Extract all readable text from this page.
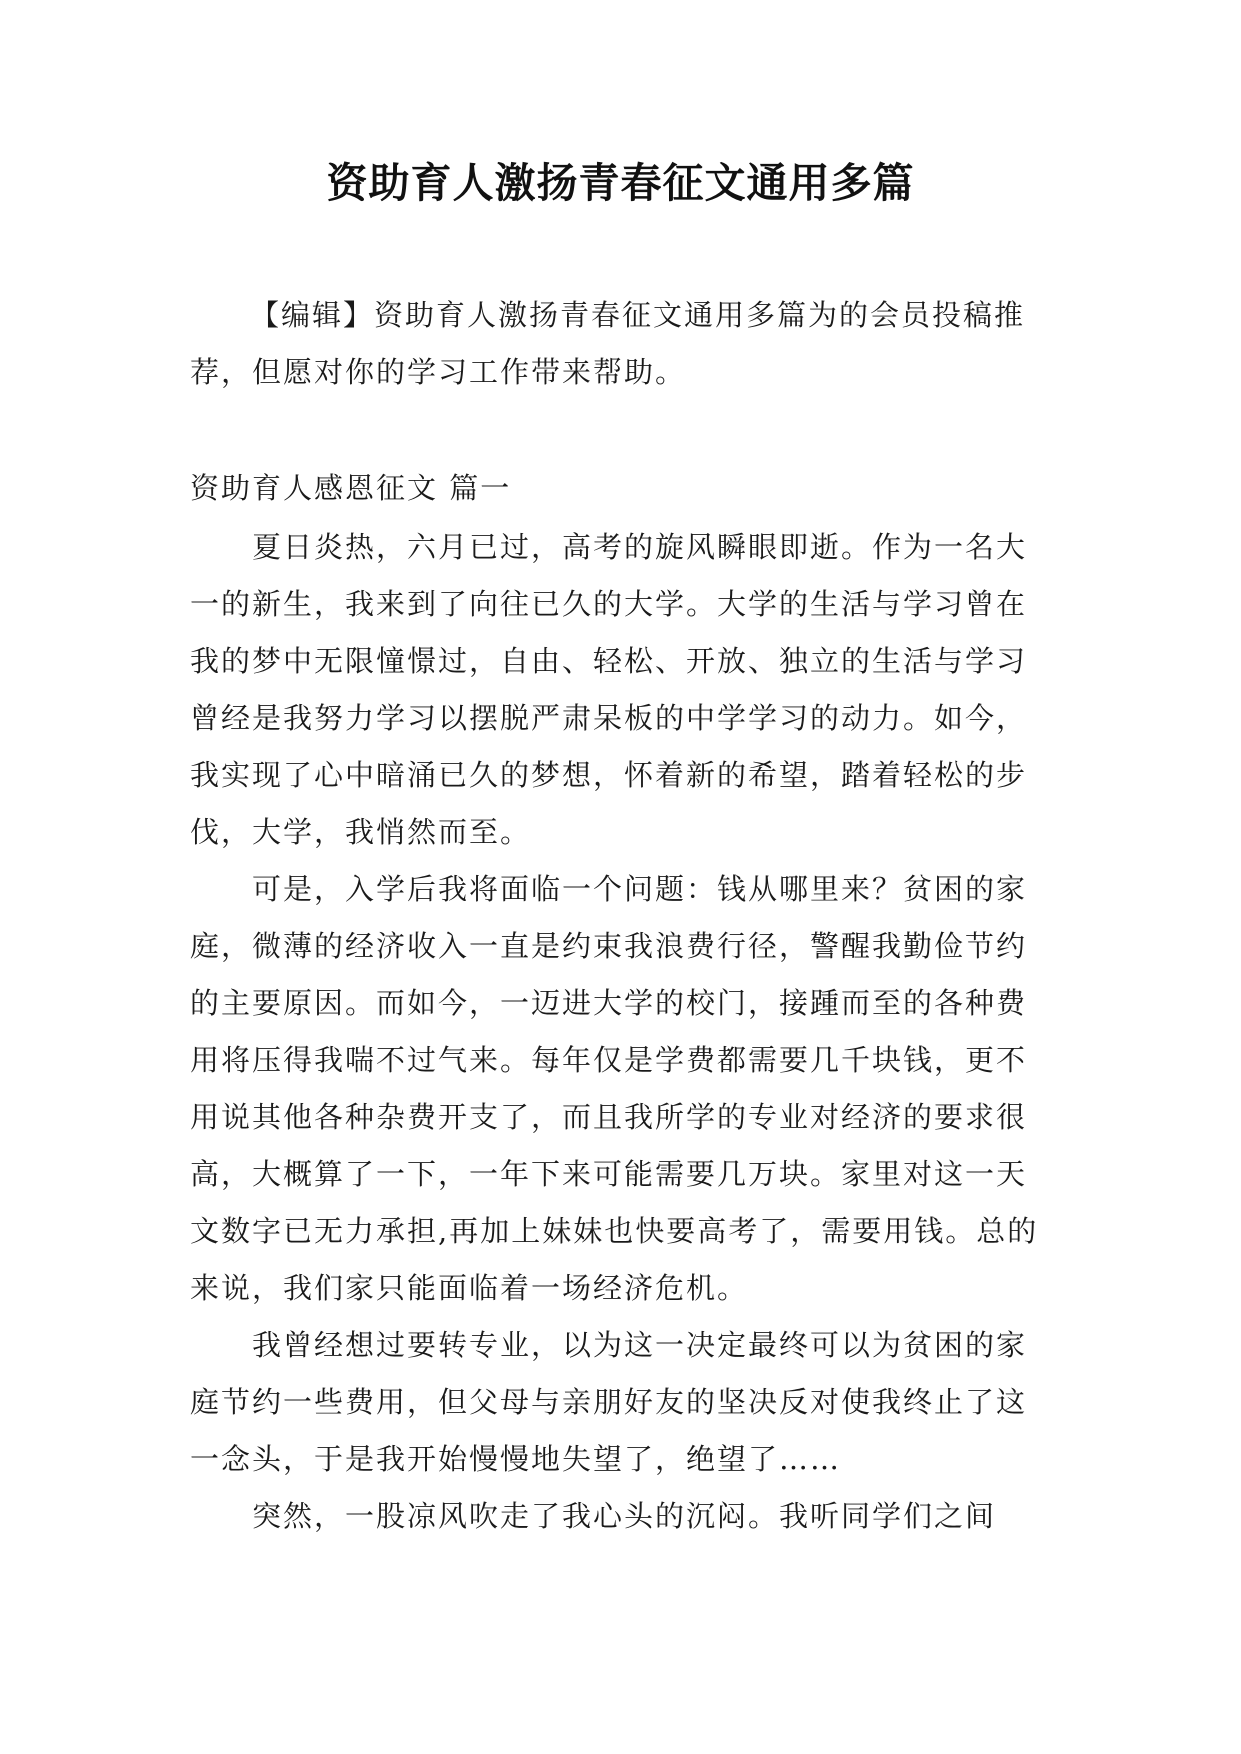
资助育人激扬青春征文通用多篇

【编辑】资助育人激扬青春征文通用多篇为的会员投稿推荐，但愿对你的学习工作带来帮助。

资助育人感恩征文 篇一

夏日炎热，六月已过，高考的旋风瞬眼即逝。作为一名大一的新生，我来到了向往已久的大学。大学的生活与学习曾在我的梦中无限憧憬过，自由、轻松、开放、独立的生活与学习曾经是我努力学习以摆脱严肃呆板的中学学习的动力。如今，我实现了心中暗涌已久的梦想，怀着新的希望，踏着轻松的步伐，大学，我悄然而至。

可是，入学后我将面临一个问题：钱从哪里来？贫困的家庭，微薄的经济收入一直是约束我浪费行径，警醒我勤俭节约的主要原因。而如今，一迈进大学的校门，接踵而至的各种费用将压得我喘不过气来。每年仅是学费都需要几千块钱，更不用说其他各种杂费开支了，而且我所学的专业对经济的要求很高，大概算了一下，一年下来可能需要几万块。家里对这一天文数字已无力承担,再加上妹妹也快要高考了，需要用钱。总的来说，我们家只能面临着一场经济危机。

我曾经想过要转专业，以为这一决定最终可以为贫困的家庭节约一些费用，但父母与亲朋好友的坚决反对使我终止了这一念头，于是我开始慢慢地失望了，绝望了……

突然，一股凉风吹走了我心头的沉闷。我听同学们之间
